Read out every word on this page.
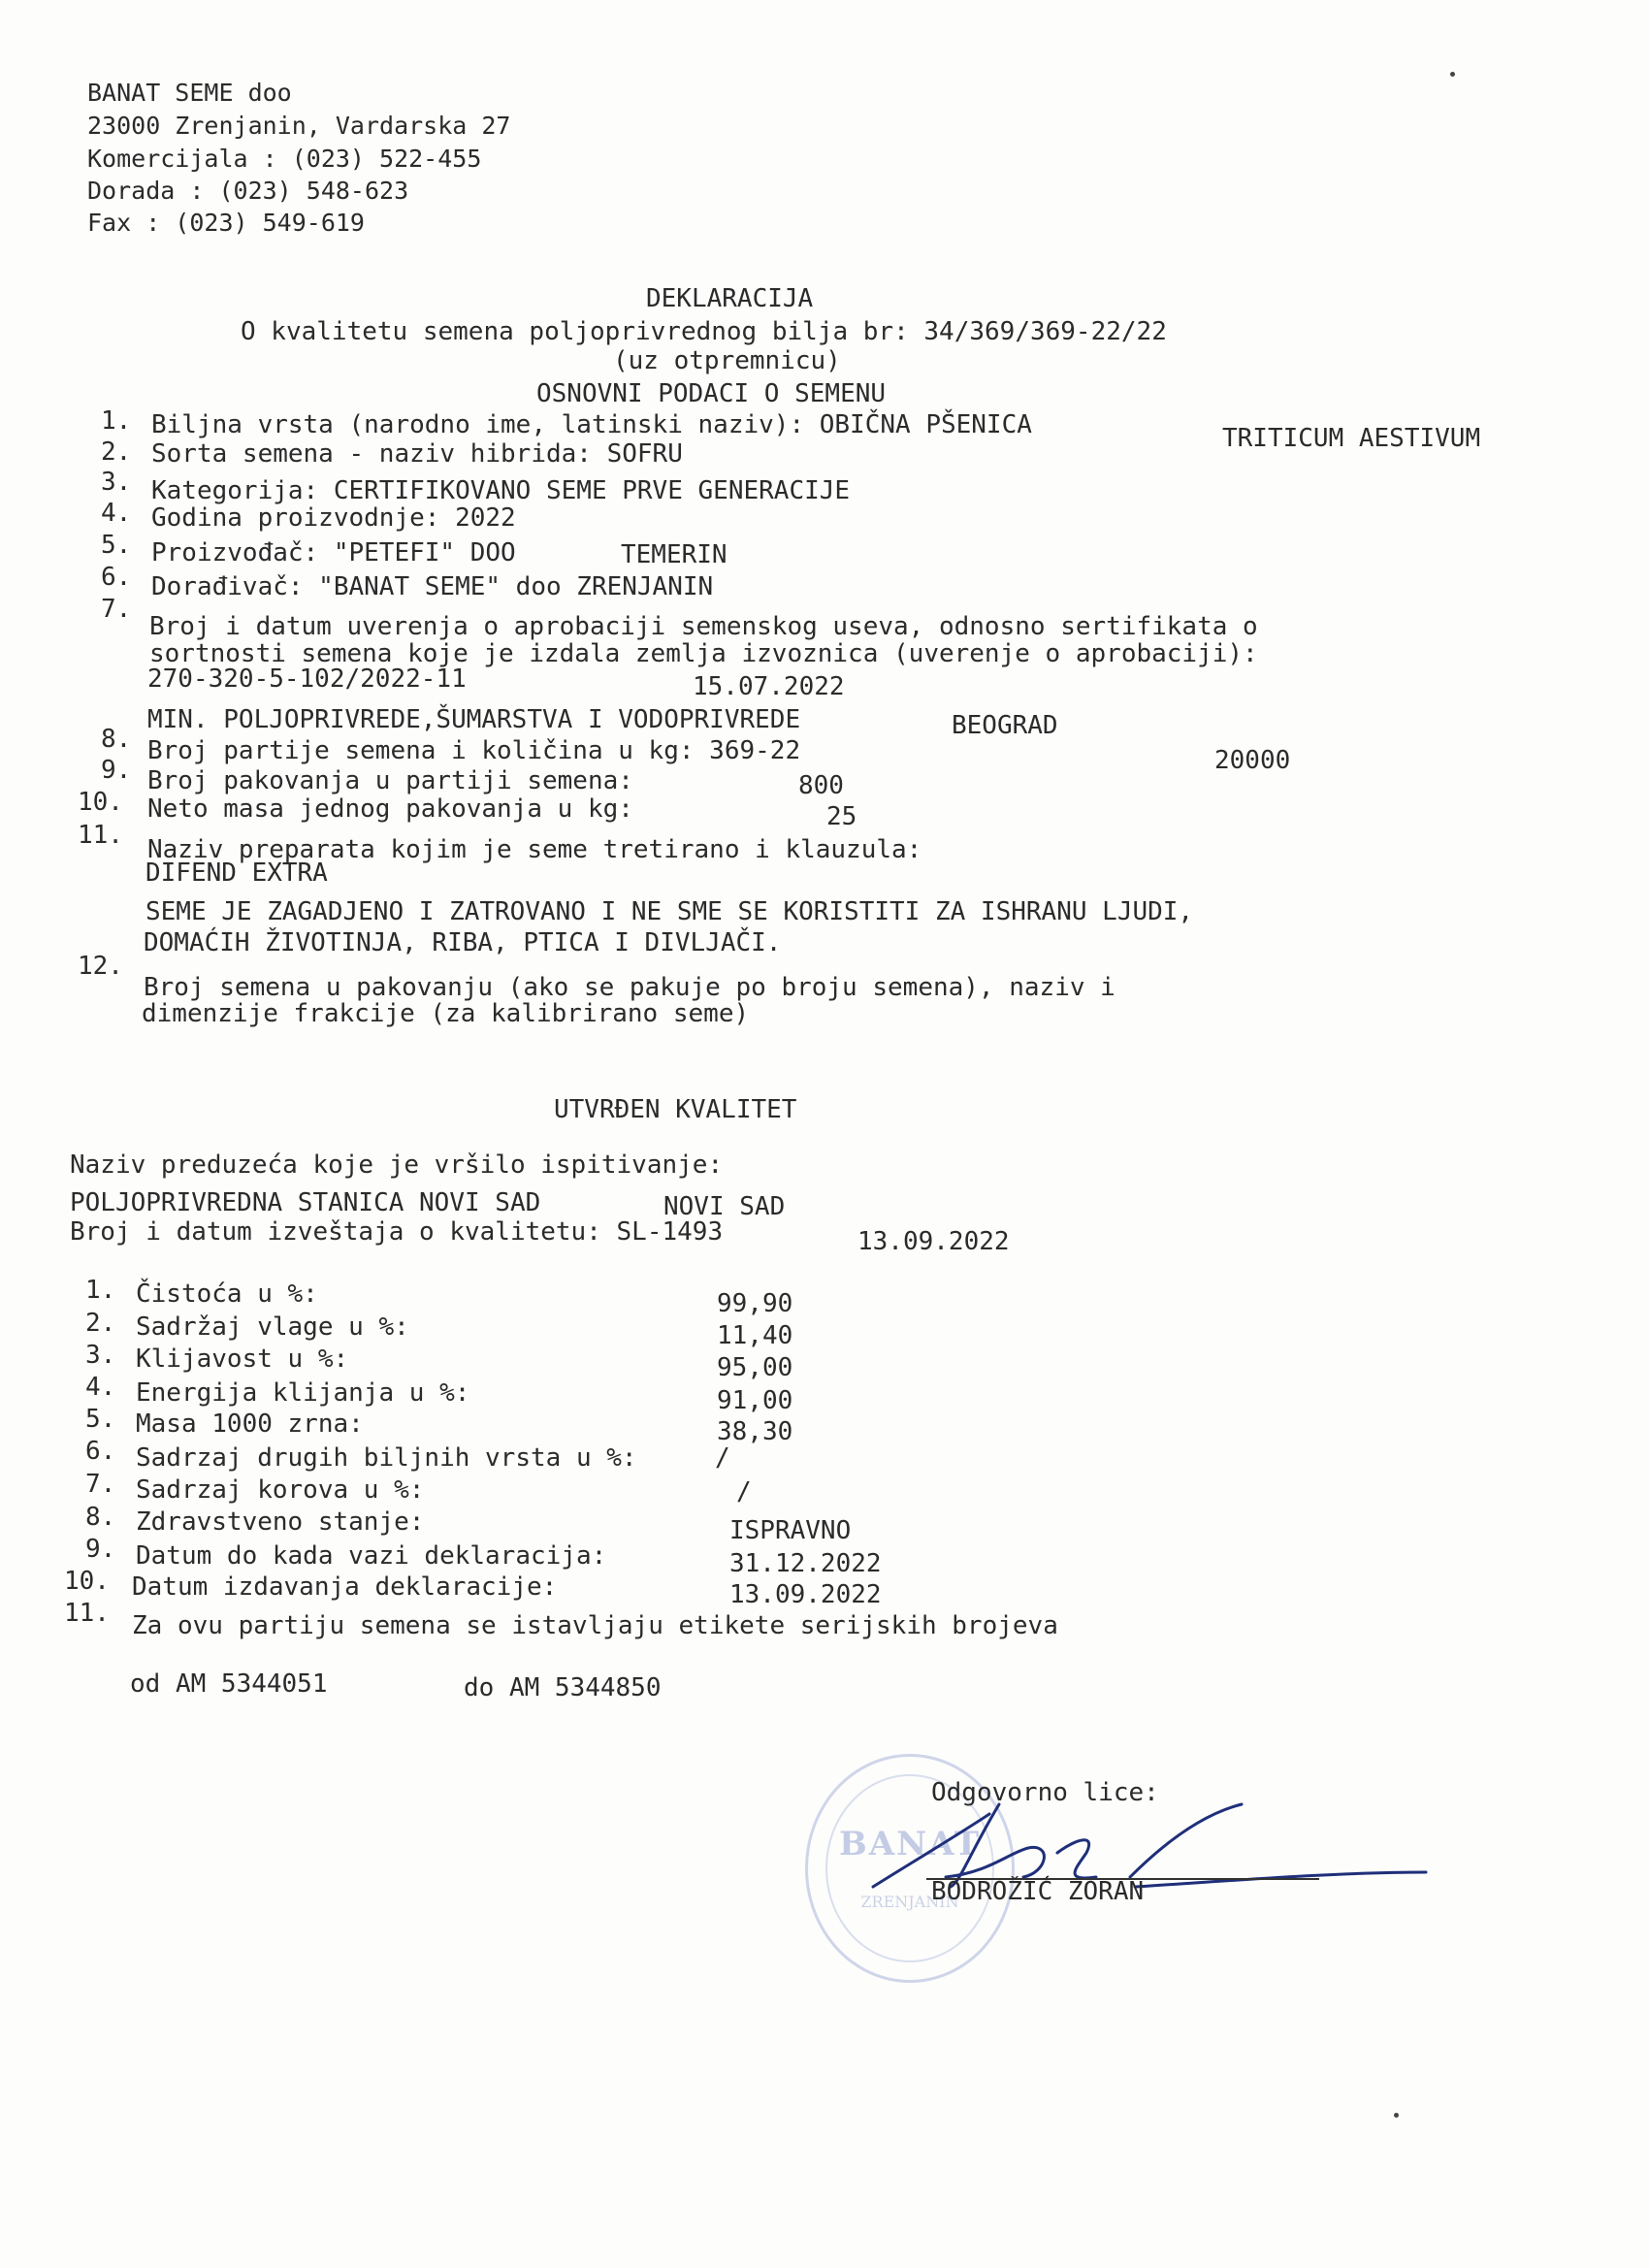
BANAT SEME doo
23000 Zrenjanin, Vardarska 27
Komercijala : (023) 522-455
Dorada : (023) 548-623
Fax : (023) 549-619
DEKLARACIJA
O kvalitetu semena poljoprivrednog bilja br: 34/369/369-22/22
(uz otpremnicu)
OSNOVNI PODACI O SEMENU
1. Biljna vrsta (narodno ime, latinski naziv): OBIČNA PŠENICA	TRITICUM AESTIVUM
2. Sorta semena - naziv hibrida: SOFRU
3. Kategorija: CERTIFIKOVANO SEME PRVE GENERACIJE
4. Godina proizvodnje: 2022
5. Proizvođač: "PETEFI" DOO	TEMERIN
6. Dorađivač: "BANAT SEME" doo ZRENJANIN
7.
Broj i datum uverenja o aprobaciji semenskog useva, odnosno sertifikata o
sortnosti semena koje je izdala zemlja izvoznica (uverenje o aprobaciji):
270-320-5-102/2022-11	15.07.2022
MIN. POLJOPRIVREDE,ŠUMARSTVA I VODOPRIVREDE	BEOGRAD
8. Broj partije semena i količina u kg: 369-22	20000
9. Broj pakovanja u partiji semena:	800
10. Neto masa jednog pakovanja u kg:	25
11. Naziv preparata kojim je seme tretirano i klauzula:
DIFEND EXTRA
SEME JE ZAGADJENO I ZATROVANO I NE SME SE KORISTITI ZA ISHRANU LJUDI,
DOMAĆIH ŽIVOTINJA, RIBA, PTICA I DIVLJAČI.
12.
Broj semena u pakovanju (ako se pakuje po broju semena), naziv i
dimenzije frakcije (za kalibrirano seme)
UTVRĐEN KVALITET
Naziv preduzeća koje je vršilo ispitivanje:
POLJOPRIVREDNA STANICA NOVI SAD	NOVI SAD
Broj i datum izveštaja o kvalitetu: SL-1493	13.09.2022
1. Čistoća u %:	99,90
2. Sadržaj vlage u %:	11,40
3. Klijavost u %:	95,00
4. Energija klijanja u %:	91,00
5. Masa 1000 zrna:	38,30
6. Sadrzaj drugih biljnih vrsta u %:	/
7. Sadrzaj korova u %:	/
8. Zdravstveno stanje:	ISPRAVNO
9. Datum do kada vazi deklaracija:	31.12.2022
10. Datum izdavanja deklaracije:	13.09.2022
11. Za ovu partiju semena se istavljaju etikete serijskih brojeva
od AM 5344051	do AM 5344850
BANAT
ZRENJANIN
Odgovorno lice:
BODROŽIĆ ZORAN
